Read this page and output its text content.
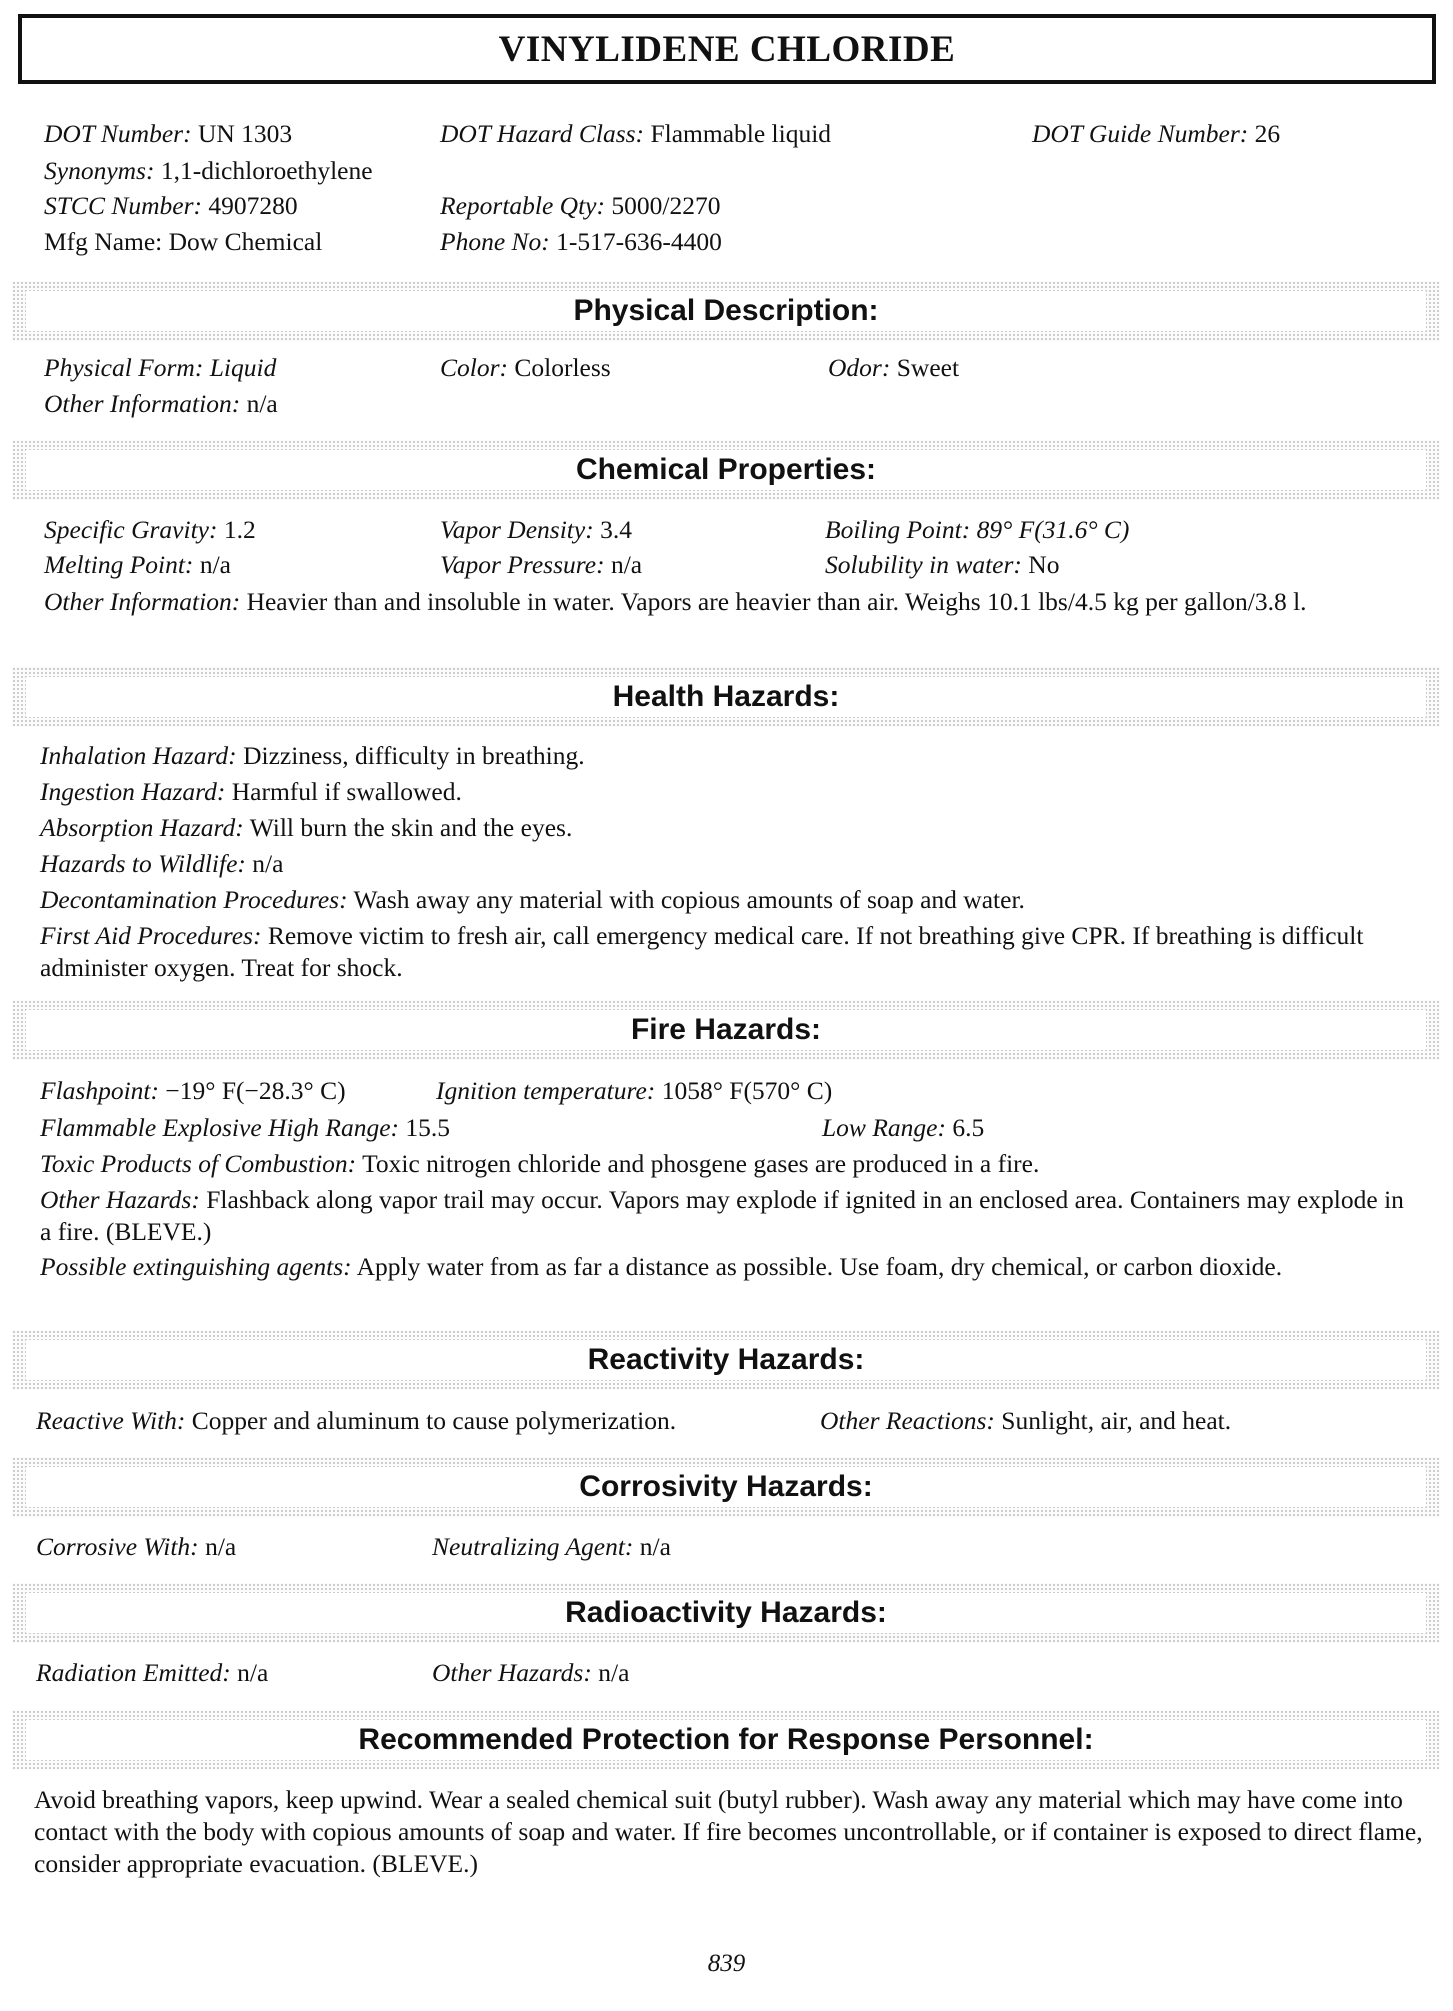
VINYLIDENE CHLORIDE
DOT Number: UN 1303	DOT Hazard Class: Flammable liquid	DOT Guide Number: 26
Synonyms: 1,1-dichloroethylene
STCC Number: 4907280	Reportable Qty: 5000/2270
Mfg Name: Dow Chemical	Phone No: 1-517-636-4400
Physical Description:
Physical Form: Liquid	Color: Colorless	Odor: Sweet
Other Information: n/a
Chemical Properties:
Specific Gravity: 1.2	Vapor Density: 3.4	Boiling Point: 89° F(31.6° C)
Melting Point: n/a	Vapor Pressure: n/a	Solubility in water: No
Other Information: Heavier than and insoluble in water. Vapors are heavier than air. Weighs 10.1 lbs/4.5 kg per gallon/3.8 l.
Health Hazards:
Inhalation Hazard: Dizziness, difficulty in breathing.
Ingestion Hazard: Harmful if swallowed.
Absorption Hazard: Will burn the skin and the eyes.
Hazards to Wildlife: n/a
Decontamination Procedures: Wash away any material with copious amounts of soap and water.
First Aid Procedures: Remove victim to fresh air, call emergency medical care. If not breathing give CPR. If breathing is difficult administer oxygen. Treat for shock.
Fire Hazards:
Flashpoint: −19° F(−28.3° C)	Ignition temperature: 1058° F(570° C)
Flammable Explosive High Range: 15.5	Low Range: 6.5
Toxic Products of Combustion: Toxic nitrogen chloride and phosgene gases are produced in a fire.
Other Hazards: Flashback along vapor trail may occur. Vapors may explode if ignited in an enclosed area. Containers may explode in a fire. (BLEVE.)
Possible extinguishing agents: Apply water from as far a distance as possible. Use foam, dry chemical, or carbon dioxide.
Reactivity Hazards:
Reactive With: Copper and aluminum to cause polymerization.	Other Reactions: Sunlight, air, and heat.
Corrosivity Hazards:
Corrosive With: n/a	Neutralizing Agent: n/a
Radioactivity Hazards:
Radiation Emitted: n/a	Other Hazards: n/a
Recommended Protection for Response Personnel:
Avoid breathing vapors, keep upwind. Wear a sealed chemical suit (butyl rubber). Wash away any material which may have come into contact with the body with copious amounts of soap and water. If fire becomes uncontrollable, or if container is exposed to direct flame, consider appropriate evacuation. (BLEVE.)
839
